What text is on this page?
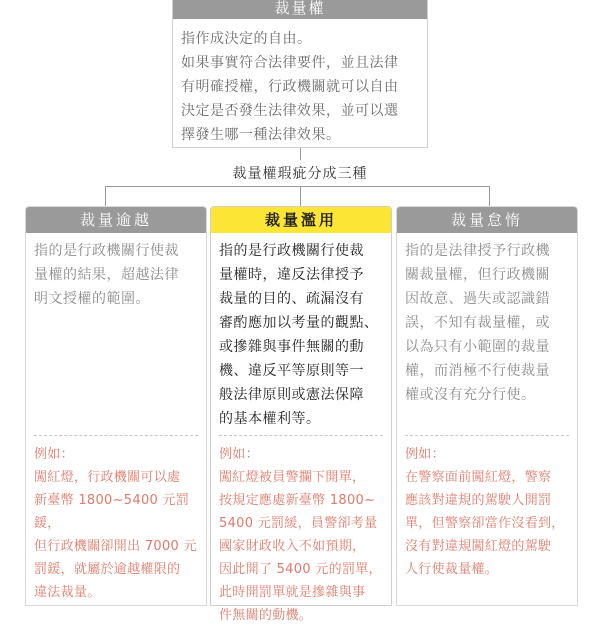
裁量權

指作成決定的自由。

如果事實符合法律要件，並且法律

有明確授權，行政機關就可以自由

決定是否發生法律效果，並可以選

擇發生哪一種法律效果。

裁量權瑕疵分成三種
裁量逾越

指的是行政機關行使裁

量權的結果，超越法律

明文授權的範圍。

例如：

闖紅燈，行政機關可以處

新臺幣 1800~5400 元罰鍰，

但行政機關卻開出 7000 元

罰鍰，就屬於逾越權限的

違法裁量。

裁量濫用

指的是行政機關行使裁

量權時，違反法律授予

裁量的目的、疏漏沒有

審酌應加以考量的觀點、

或摻雜與事件無關的動

機、違反平等原則等一

般法律原則或憲法保障

的基本權利等。

例如：

闖紅燈被員警攔下開單，

按規定應處新臺幣 1800~

5400 元罰緩，員警卻考量

國家財政收入不如預期，

因此開了 5400 元的罰單，

此時開罰單就是摻雜與事

件無關的動機。

裁量怠惰

指的是法律授予行政機

關裁量權，但行政機關

因故意、過失或認識錯

誤，不知有裁量權，或

以為只有小範圍的裁量

權，而消極不行使裁量

權或沒有充分行使。

例如：

在警察面前闖紅燈，警察

應該對違規的駕駛人開罰

單，但警察卻當作沒看到，

沒有對違規闖紅燈的駕駛

人行使裁量權。
